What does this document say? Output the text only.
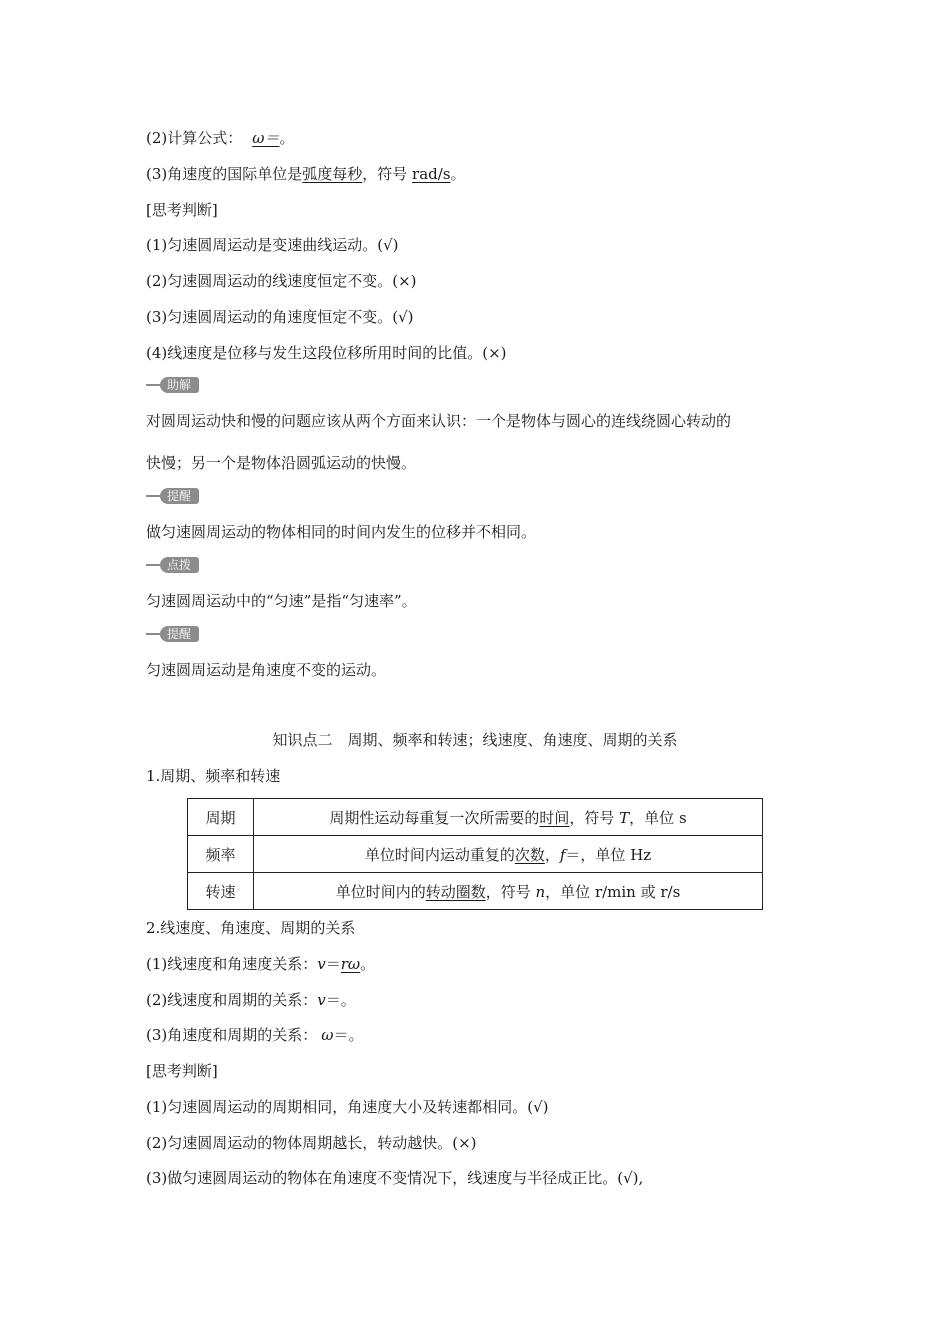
(2)计算公式： ω＝。
(3)角速度的国际单位是弧度每秒，符号 rad/s。
[思考判断]
(1)匀速圆周运动是变速曲线运动。(√)
(2)匀速圆周运动的线速度恒定不变。(×)
(3)匀速圆周运动的角速度恒定不变。(√)
(4)线速度是位移与发生这段位移所用时间的比值。(×)
助解
对圆周运动快和慢的问题应该从两个方面来认识：一个是物体与圆心的连线绕圆心转动的
快慢；另一个是物体沿圆弧运动的快慢。
提醒
做匀速圆周运动的物体相同的时间内发生的位移并不相同。
点拨
匀速圆周运动中的“匀速”是指“匀速率”。
提醒
匀速圆周运动是角速度不变的运动。
知识点二　周期、频率和转速；线速度、角速度、周期的关系
1.周期、频率和转速
周期	周期性运动每重复一次所需要的时间，符号 T，单位 s
频率	单位时间内运动重复的次数，f＝，单位 Hz
转速	单位时间内的转动圈数，符号 n，单位 r/min 或 r/s
2.线速度、角速度、周期的关系
(1)线速度和角速度关系：v＝rω。
(2)线速度和周期的关系：v＝。
(3)角速度和周期的关系： ω＝。
[思考判断]
(1)匀速圆周运动的周期相同，角速度大小及转速都相同。(√)
(2)匀速圆周运动的物体周期越长，转动越快。(×)
(3)做匀速圆周运动的物体在角速度不变情况下，线速度与半径成正比。(√),
